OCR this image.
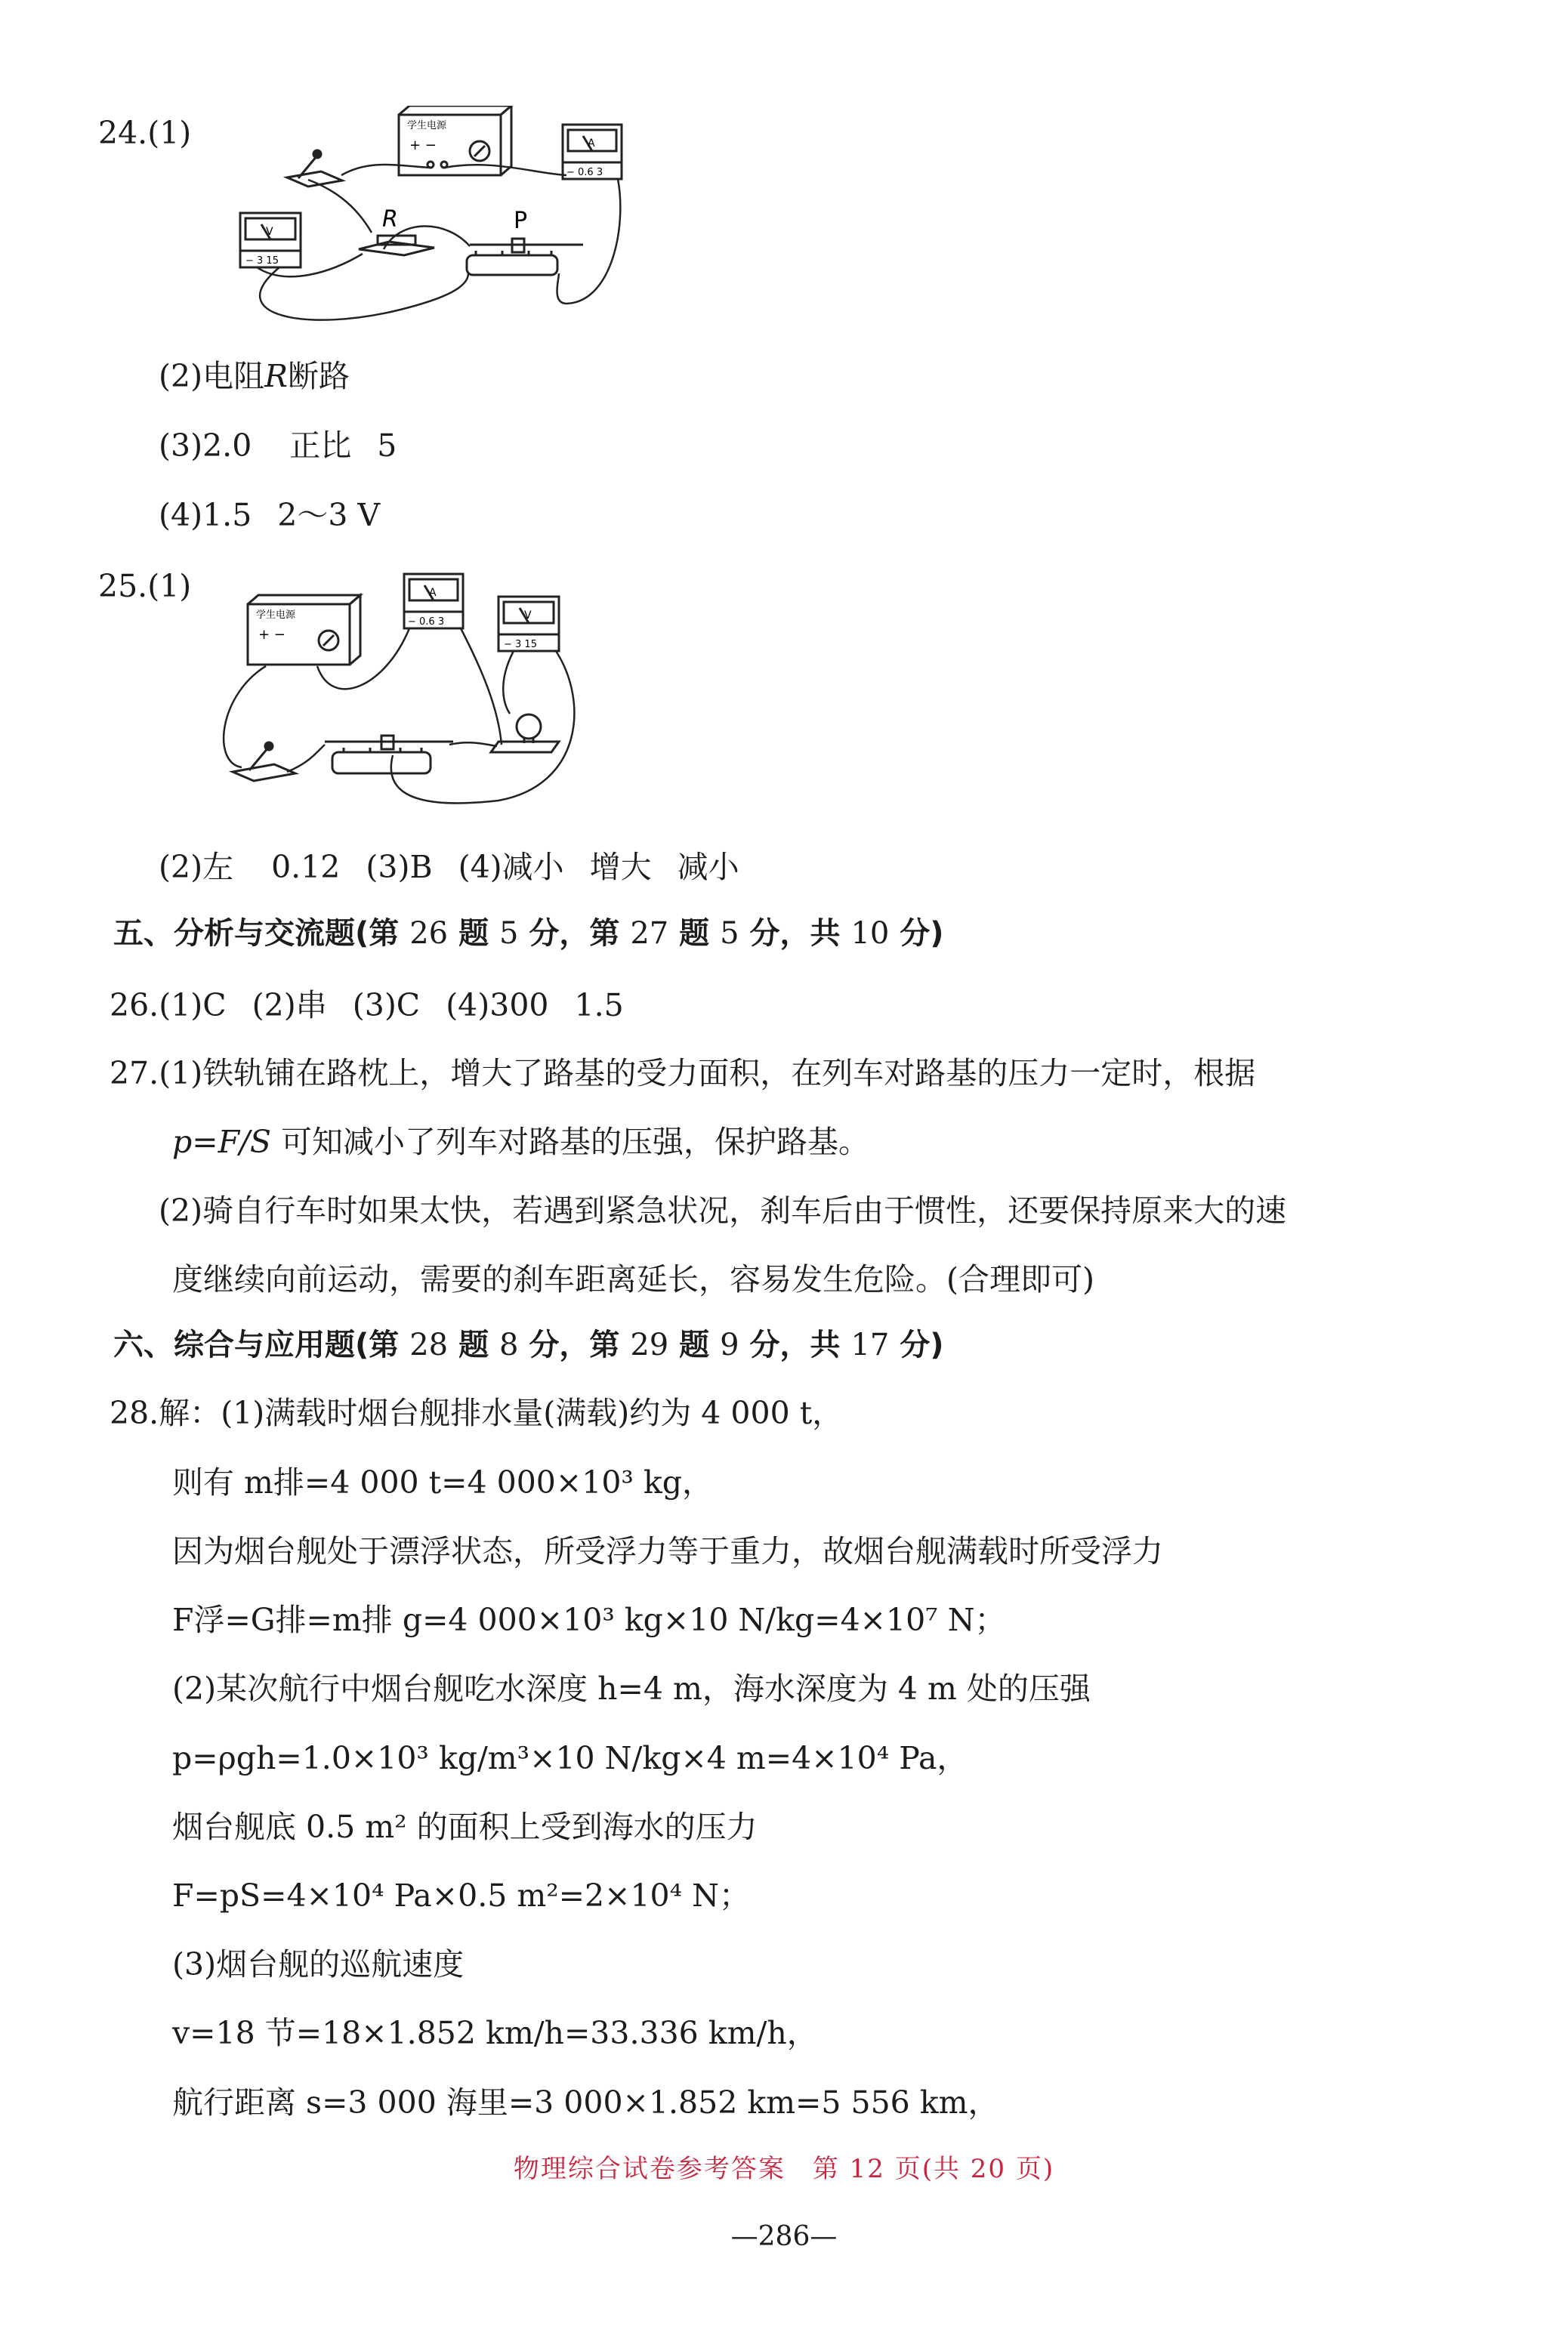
24.(1)	学生电源
+ −	A
− 0.6 3
V
− 3 15
R	P
(2)电阻R断路
(3)2.0 正比 5
(4)1.5 2～3 V
25.(1)
学生电源
+ −
A
− 0.6 3
V
− 3 15
(2)左 0.12 (3)B (4)减小 增大 减小
五、分析与交流题(第 26 题 5 分，第 27 题 5 分，共 10 分)
26.(1)C (2)串 (3)C (4)300 1.5
27.(1)铁轨铺在路枕上，增大了路基的受力面积，在列车对路基的压力一定时，根据
p=F/S 可知减小了列车对路基的压强，保护路基。
(2)骑自行车时如果太快，若遇到紧急状况，刹车后由于惯性，还要保持原来大的速
度继续向前运动，需要的刹车距离延长，容易发生危险。(合理即可)
六、综合与应用题(第 28 题 8 分，第 29 题 9 分，共 17 分)
28.解：(1)满载时烟台舰排水量(满载)约为 4 000 t，
则有 m排=4 000 t=4 000×10³ kg，
因为烟台舰处于漂浮状态，所受浮力等于重力，故烟台舰满载时所受浮力
F浮=G排=m排 g=4 000×10³ kg×10 N/kg=4×10⁷ N；
(2)某次航行中烟台舰吃水深度 h=4 m，海水深度为 4 m 处的压强
p=ρgh=1.0×10³ kg/m³×10 N/kg×4 m=4×10⁴ Pa，
烟台舰底 0.5 m² 的面积上受到海水的压力
F=pS=4×10⁴ Pa×0.5 m²=2×10⁴ N；
(3)烟台舰的巡航速度
v=18 节=18×1.852 km/h=33.336 km/h，
航行距离 s=3 000 海里=3 000×1.852 km=5 556 km，
物理综合试卷参考答案　第 12 页(共 20 页)
—286—
